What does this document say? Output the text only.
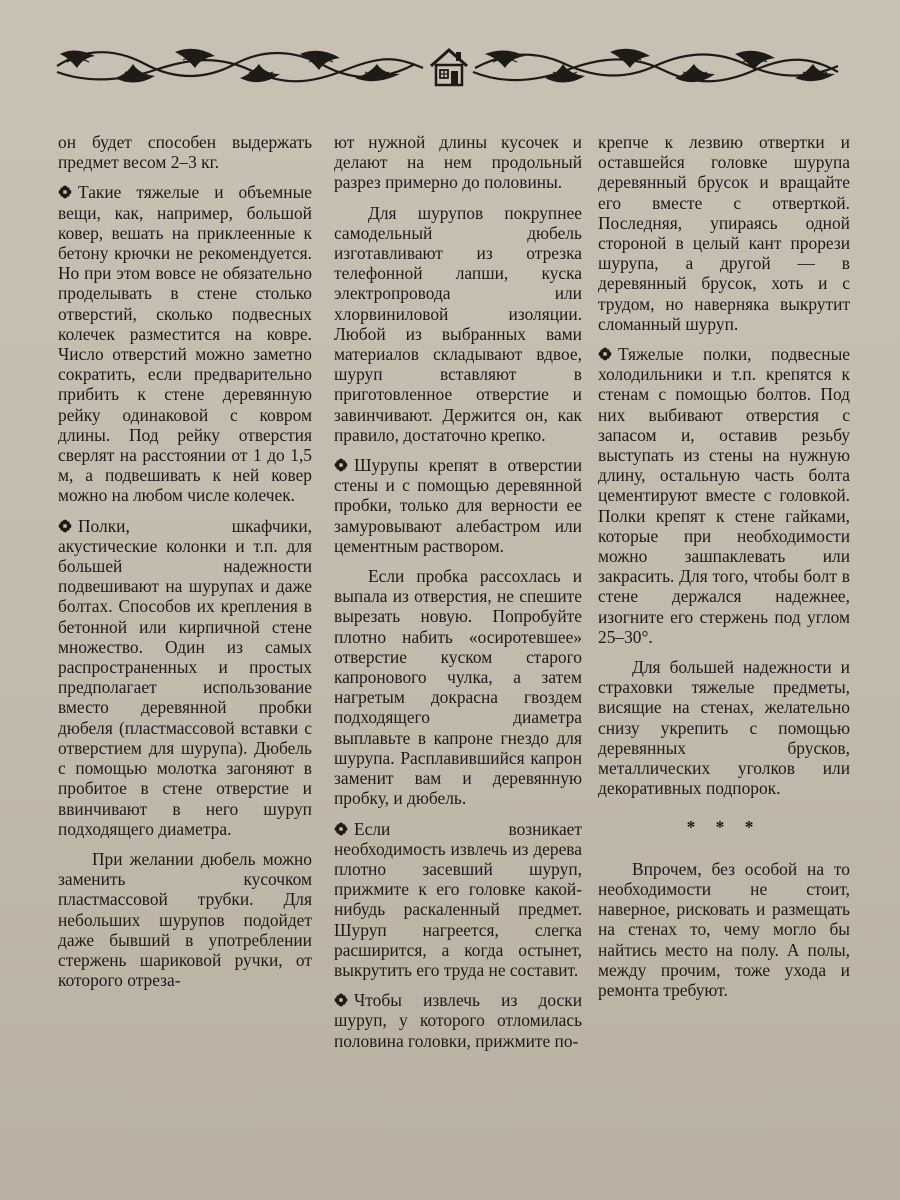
он будет способен выдержать предмет весом 2–3 кг.

Такие тяжелые и объемные вещи, как, например, большой ковер, вешать на приклеенные к бетону крючки не рекомендуется. Но при этом вовсе не обязательно проделывать в стене столько отверстий, сколько подвесных колечек разместится на ковре. Число отверстий можно заметно сократить, если предварительно прибить к стене деревянную рейку одинаковой с ковром длины. Под рейку отверстия сверлят на расстоянии от 1 до 1,5 м, а подвешивать к ней ковер можно на любом числе колечек.

Полки, шкафчики, акустические колонки и т.п. для большей надежности подвешивают на шурупах и даже болтах. Способов их крепления в бетонной или кирпичной стене множество. Один из самых распространенных и простых предполагает использование вместо деревянной пробки дюбеля (пластмассовой вставки с отверстием для шурупа). Дюбель с помощью молотка загоняют в пробитое в стене отверстие и ввинчивают в него шуруп подходящего диаметра.

При желании дюбель можно заменить кусочком пластмассовой трубки. Для небольших шурупов подойдет даже бывший в употреблении стержень шариковой ручки, от которого отреза-

ют нужной длины кусочек и делают на нем продольный разрез примерно до половины.

Для шурупов покрупнее самодельный дюбель изготавливают из отрезка телефонной лапши, куска электропровода или хлорвиниловой изоляции. Любой из выбранных вами материалов складывают вдвое, шуруп вставляют в приготовленное отверстие и завинчивают. Держится он, как правило, достаточно крепко.

Шурупы крепят в отверстии стены и с помощью деревянной пробки, только для верности ее замуровывают алебастром или цементным раствором.

Если пробка рассохлась и выпала из отверстия, не спешите вырезать новую. Попробуйте плотно набить «осиротевшее» отверстие куском старого капронового чулка, а затем нагретым докрасна гвоздем подходящего диаметра выплавьте в капроне гнездо для шурупа. Расплавившийся капрон заменит вам и деревянную пробку, и дюбель.

Если возникает необходимость извлечь из дерева плотно засевший шуруп, прижмите к его головке какой-нибудь раскаленный предмет. Шуруп нагреется, слегка расширится, а когда остынет, выкрутить его труда не составит.

Чтобы извлечь из доски шуруп, у которого отломилась половина головки, прижмите по-

крепче к лезвию отвертки и оставшейся головке шурупа деревянный брусок и вращайте его вместе с отверткой. Последняя, упираясь одной стороной в целый кант прорези шурупа, а другой — в деревянный брусок, хоть и с трудом, но наверняка выкрутит сломанный шуруп.

Тяжелые полки, подвесные холодильники и т.п. крепятся к стенам с помощью болтов. Под них выбивают отверстия с запасом и, оставив резьбу выступать из стены на нужную длину, остальную часть болта цементируют вместе с головкой. Полки крепят к стене гайками, которые при необходимости можно зашпаклевать или закрасить. Для того, чтобы болт в стене держался надежнее, изогните его стержень под углом 25–30°.

Для большей надежности и страховки тяжелые предметы, висящие на стенах, желательно снизу укрепить с помощью деревянных брусков, металлических уголков или декоративных подпорок.

* * *

Впрочем, без особой на то необходимости не стоит, наверное, рисковать и размещать на стенах то, чему могло бы найтись место на полу. А полы, между прочим, тоже ухода и ремонта требуют.
